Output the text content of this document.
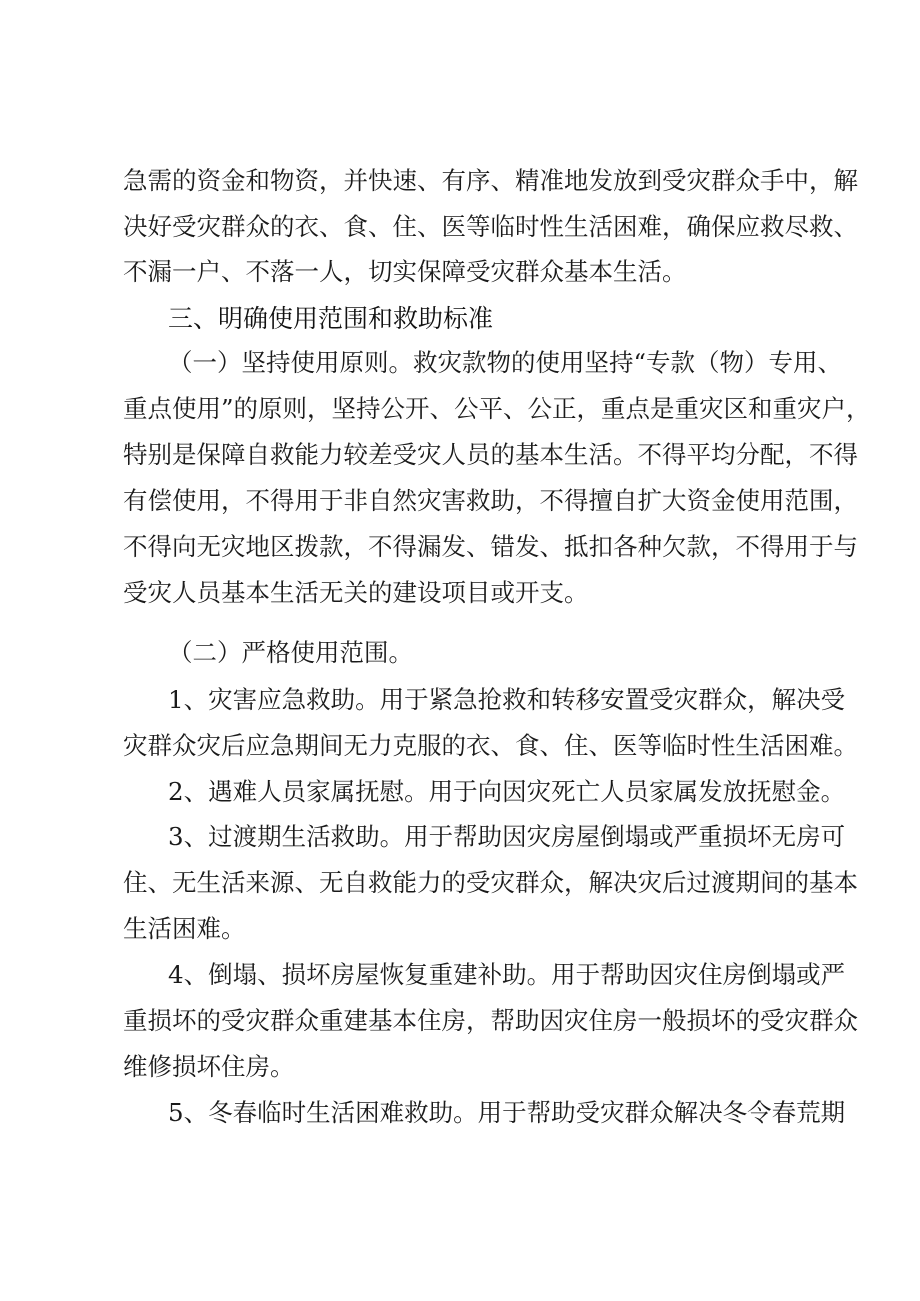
急需的资金和物资，并快速、有序、精准地发放到受灾群众手中，解
决好受灾群众的衣、食、住、医等临时性生活困难，确保应救尽救、
不漏一户、不落一人，切实保障受灾群众基本生活。
三、明确使用范围和救助标准
（一）坚持使用原则。救灾款物的使用坚持“专款（物）专用、
重点使用”的原则，坚持公开、公平、公正，重点是重灾区和重灾户，
特别是保障自救能力较差受灾人员的基本生活。不得平均分配，不得
有偿使用，不得用于非自然灾害救助，不得擅自扩大资金使用范围，
不得向无灾地区拨款，不得漏发、错发、抵扣各种欠款，不得用于与
受灾人员基本生活无关的建设项目或开支。
（二）严格使用范围。
1、灾害应急救助。用于紧急抢救和转移安置受灾群众，解决受
灾群众灾后应急期间无力克服的衣、食、住、医等临时性生活困难。
2、遇难人员家属抚慰。用于向因灾死亡人员家属发放抚慰金。
3、过渡期生活救助。用于帮助因灾房屋倒塌或严重损坏无房可
住、无生活来源、无自救能力的受灾群众，解决灾后过渡期间的基本
生活困难。
4、倒塌、损坏房屋恢复重建补助。用于帮助因灾住房倒塌或严
重损坏的受灾群众重建基本住房，帮助因灾住房一般损坏的受灾群众
维修损坏住房。
5、冬春临时生活困难救助。用于帮助受灾群众解决冬令春荒期
